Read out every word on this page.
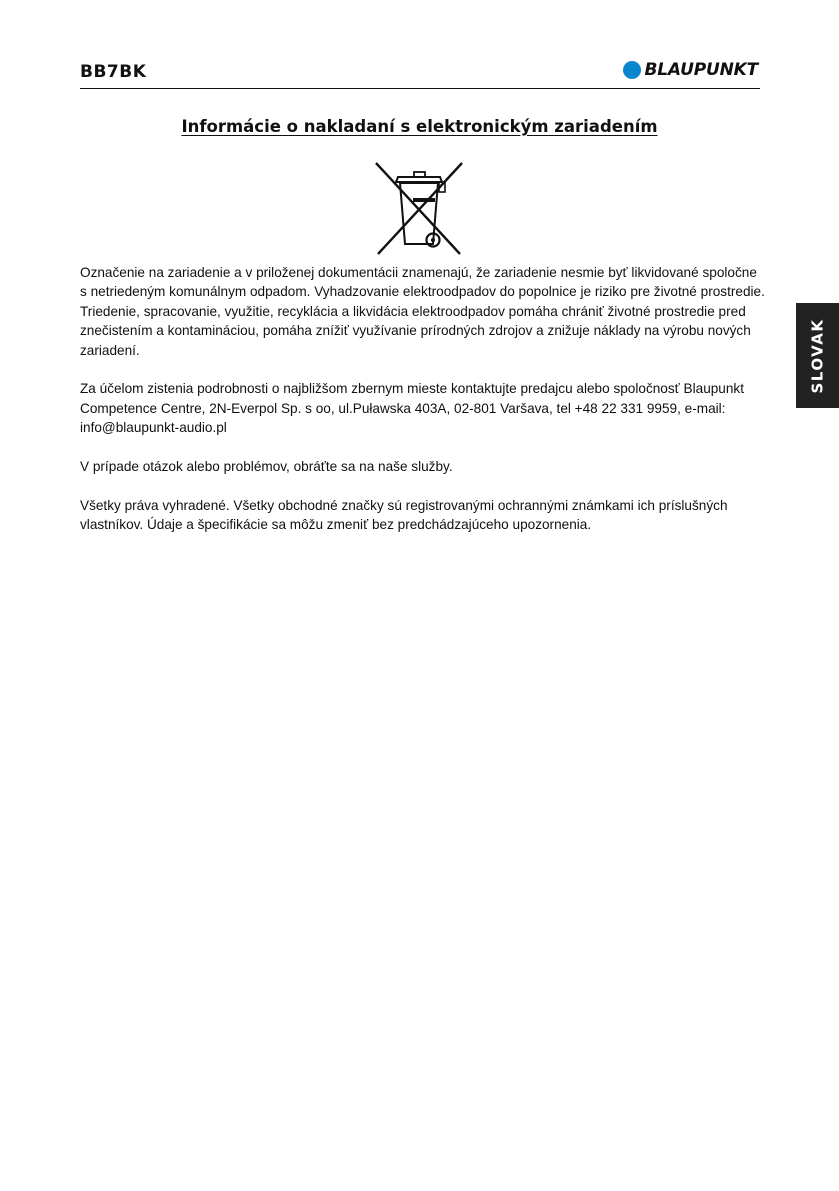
BB7BK	BLAUPUNKT
Informácie o nakladaní s elektronickým zariadením

Označenie na zariadenie a v priloženej dokumentácii znamenajú, že zariadenie nesmie byť likvidované spoločne s netriedeným komunálnym odpadom. Vyhadzovanie elektroodpadov do popolnice je riziko pre životné prostredie. Triedenie, spracovanie, využitie, recyklácia a likvidácia elektroodpadov pomáha chrániť životné prostredie pred znečistením a kontamináciou, pomáha znížiť využívanie prírodných zdrojov a znižuje náklady na výrobu nových zariadení.

Za účelom zistenia podrobnosti o najbližšom zbernym mieste kontaktujte predajcu alebo spoločnosť Blaupunkt Competence Centre, 2N-Everpol Sp. s oo, ul.Puławska 403A, 02-801 Varšava, tel +48 22 331 9959, e-mail: info@blaupunkt-audio.pl

V prípade otázok alebo problémov, obráťte sa na naše služby.

Všetky práva vyhradené. Všetky obchodné značky sú registrovanými ochrannými známkami ich príslušných vlastníkov. Údaje a špecifikácie sa môžu zmeniť bez predchádzajúceho upozornenia.

SLOVAK
